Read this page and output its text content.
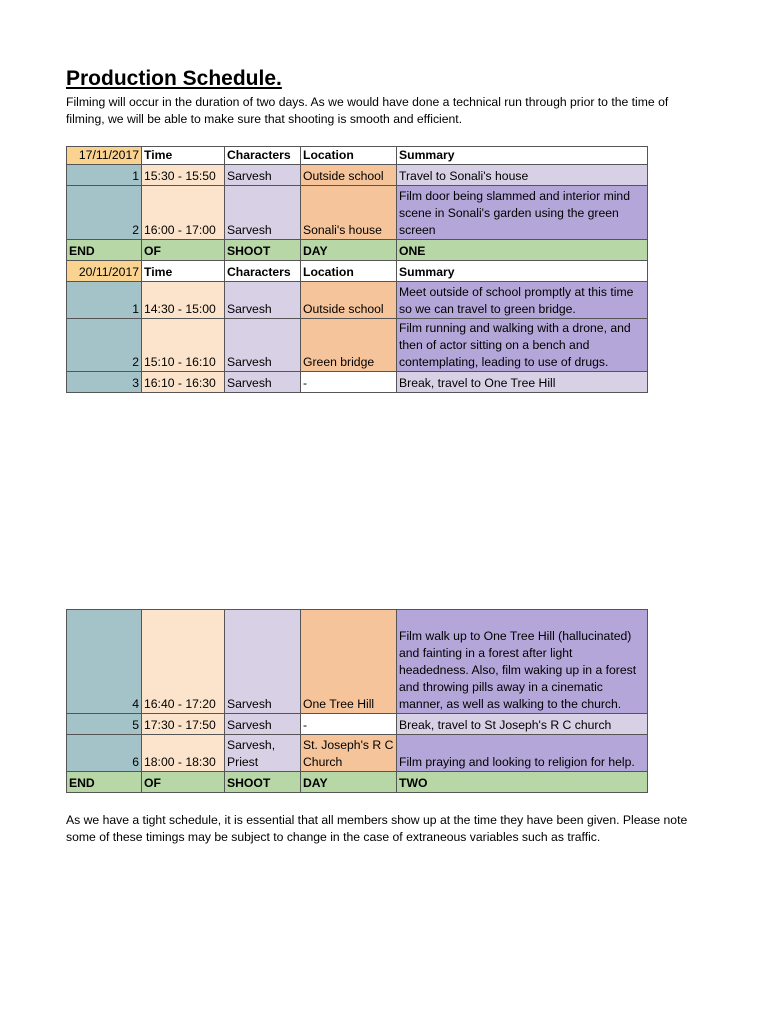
Production Schedule.

Filming will occur in the duration of two days. As we would have done a technical run through prior to the time of filming, we will be able to make sure that shooting is smooth and efficient.

17/11/2017	Time	Characters	Location	Summary
1	15:30 - 15:50	Sarvesh	Outside school	Travel to Sonali's house
2	16:00 - 17:00	Sarvesh	Sonali's house	Film door being slammed and interior mind scene in Sonali's garden using the green screen
END	OF	SHOOT	DAY	ONE
20/11/2017	Time	Characters	Location	Summary
1	14:30 - 15:00	Sarvesh	Outside school	Meet outside of school promptly at this time so we can travel to green bridge.
2	15:10 - 16:10	Sarvesh	Green bridge	Film running and walking with a drone, and then of actor sitting on a bench and contemplating, leading to use of drugs.
3	16:10 - 16:30	Sarvesh	-	Break, travel to One Tree Hill
4	16:40 - 17:20	Sarvesh	One Tree Hill	Film walk up to One Tree Hill (hallucinated) and fainting in a forest after light headedness. Also, film waking up in a forest and throwing pills away in a cinematic manner, as well as walking to the church.
5	17:30 - 17:50	Sarvesh	-	Break, travel to St Joseph's R C church
6	18:00 - 18:30	Sarvesh, Priest	St. Joseph's R C Church	Film praying and looking to religion for help.
END	OF	SHOOT	DAY	TWO

As we have a tight schedule, it is essential that all members show up at the time they have been given. Please note some of these timings may be subject to change in the case of extraneous variables such as traffic.
